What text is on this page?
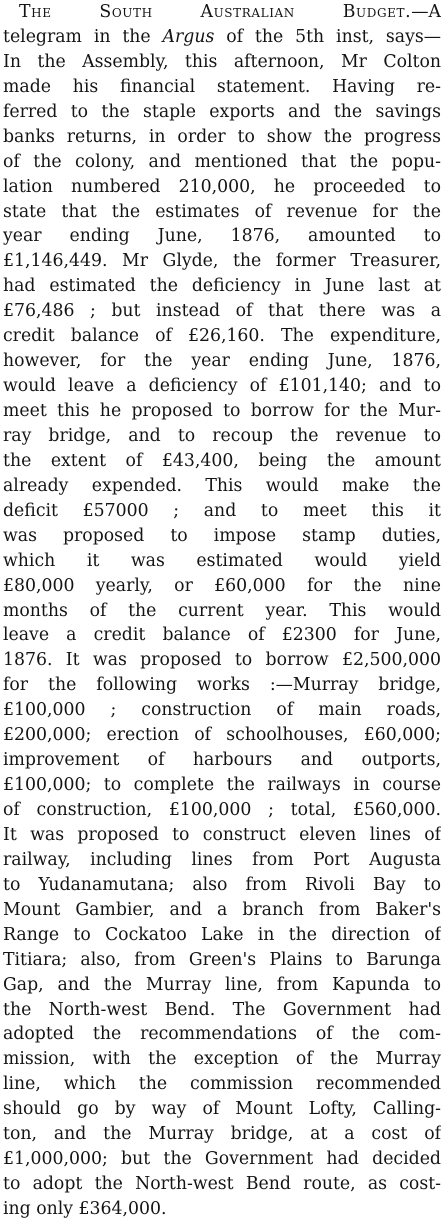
The South Australian Budget.—A
telegram in the Argus of the 5th inst, says—
In the Assembly, this afternoon, Mr Colton
made his financial statement. Having re-
ferred to the staple exports and the savings
banks returns, in order to show the progress
of the colony, and mentioned that the popu-
lation numbered 210,000, he proceeded to
state that the estimates of revenue for the
year ending June, 1876, amounted to
£1,146,449. Mr Glyde, the former Treasurer,
had estimated the deficiency in June last at
£76,486 ; but instead of that there was a
credit balance of £26,160. The expenditure,
however, for the year ending June, 1876,
would leave a deficiency of £101,140; and to
meet this he proposed to borrow for the Mur-
ray bridge, and to recoup the revenue to
the extent of £43,400, being the amount
already expended. This would make the
deficit £57000 ; and to meet this it
was proposed to impose stamp duties,
which it was estimated would yield
£80,000 yearly, or £60,000 for the nine
months of the current year. This would
leave a credit balance of £2300 for June,
1876. It was proposed to borrow £2,500,000
for the following works :—Murray bridge,
£100,000 ; construction of main roads,
£200,000; erection of schoolhouses, £60,000;
improvement of harbours and outports,
£100,000; to complete the railways in course
of construction, £100,000 ; total, £560,000.
It was proposed to construct eleven lines of
railway, including lines from Port Augusta
to Yudanamutana; also from Rivoli Bay to
Mount Gambier, and a branch from Baker's
Range to Cockatoo Lake in the direction of
Titiara; also, from Green's Plains to Barunga
Gap, and the Murray line, from Kapunda to
the North-west Bend. The Government had
adopted the recommendations of the com-
mission, with the exception of the Murray
line, which the commission recommended
should go by way of Mount Lofty, Calling-
ton, and the Murray bridge, at a cost of
£1,000,000; but the Government had decided
to adopt the North-west Bend route, as cost-
ing only £364,000.
